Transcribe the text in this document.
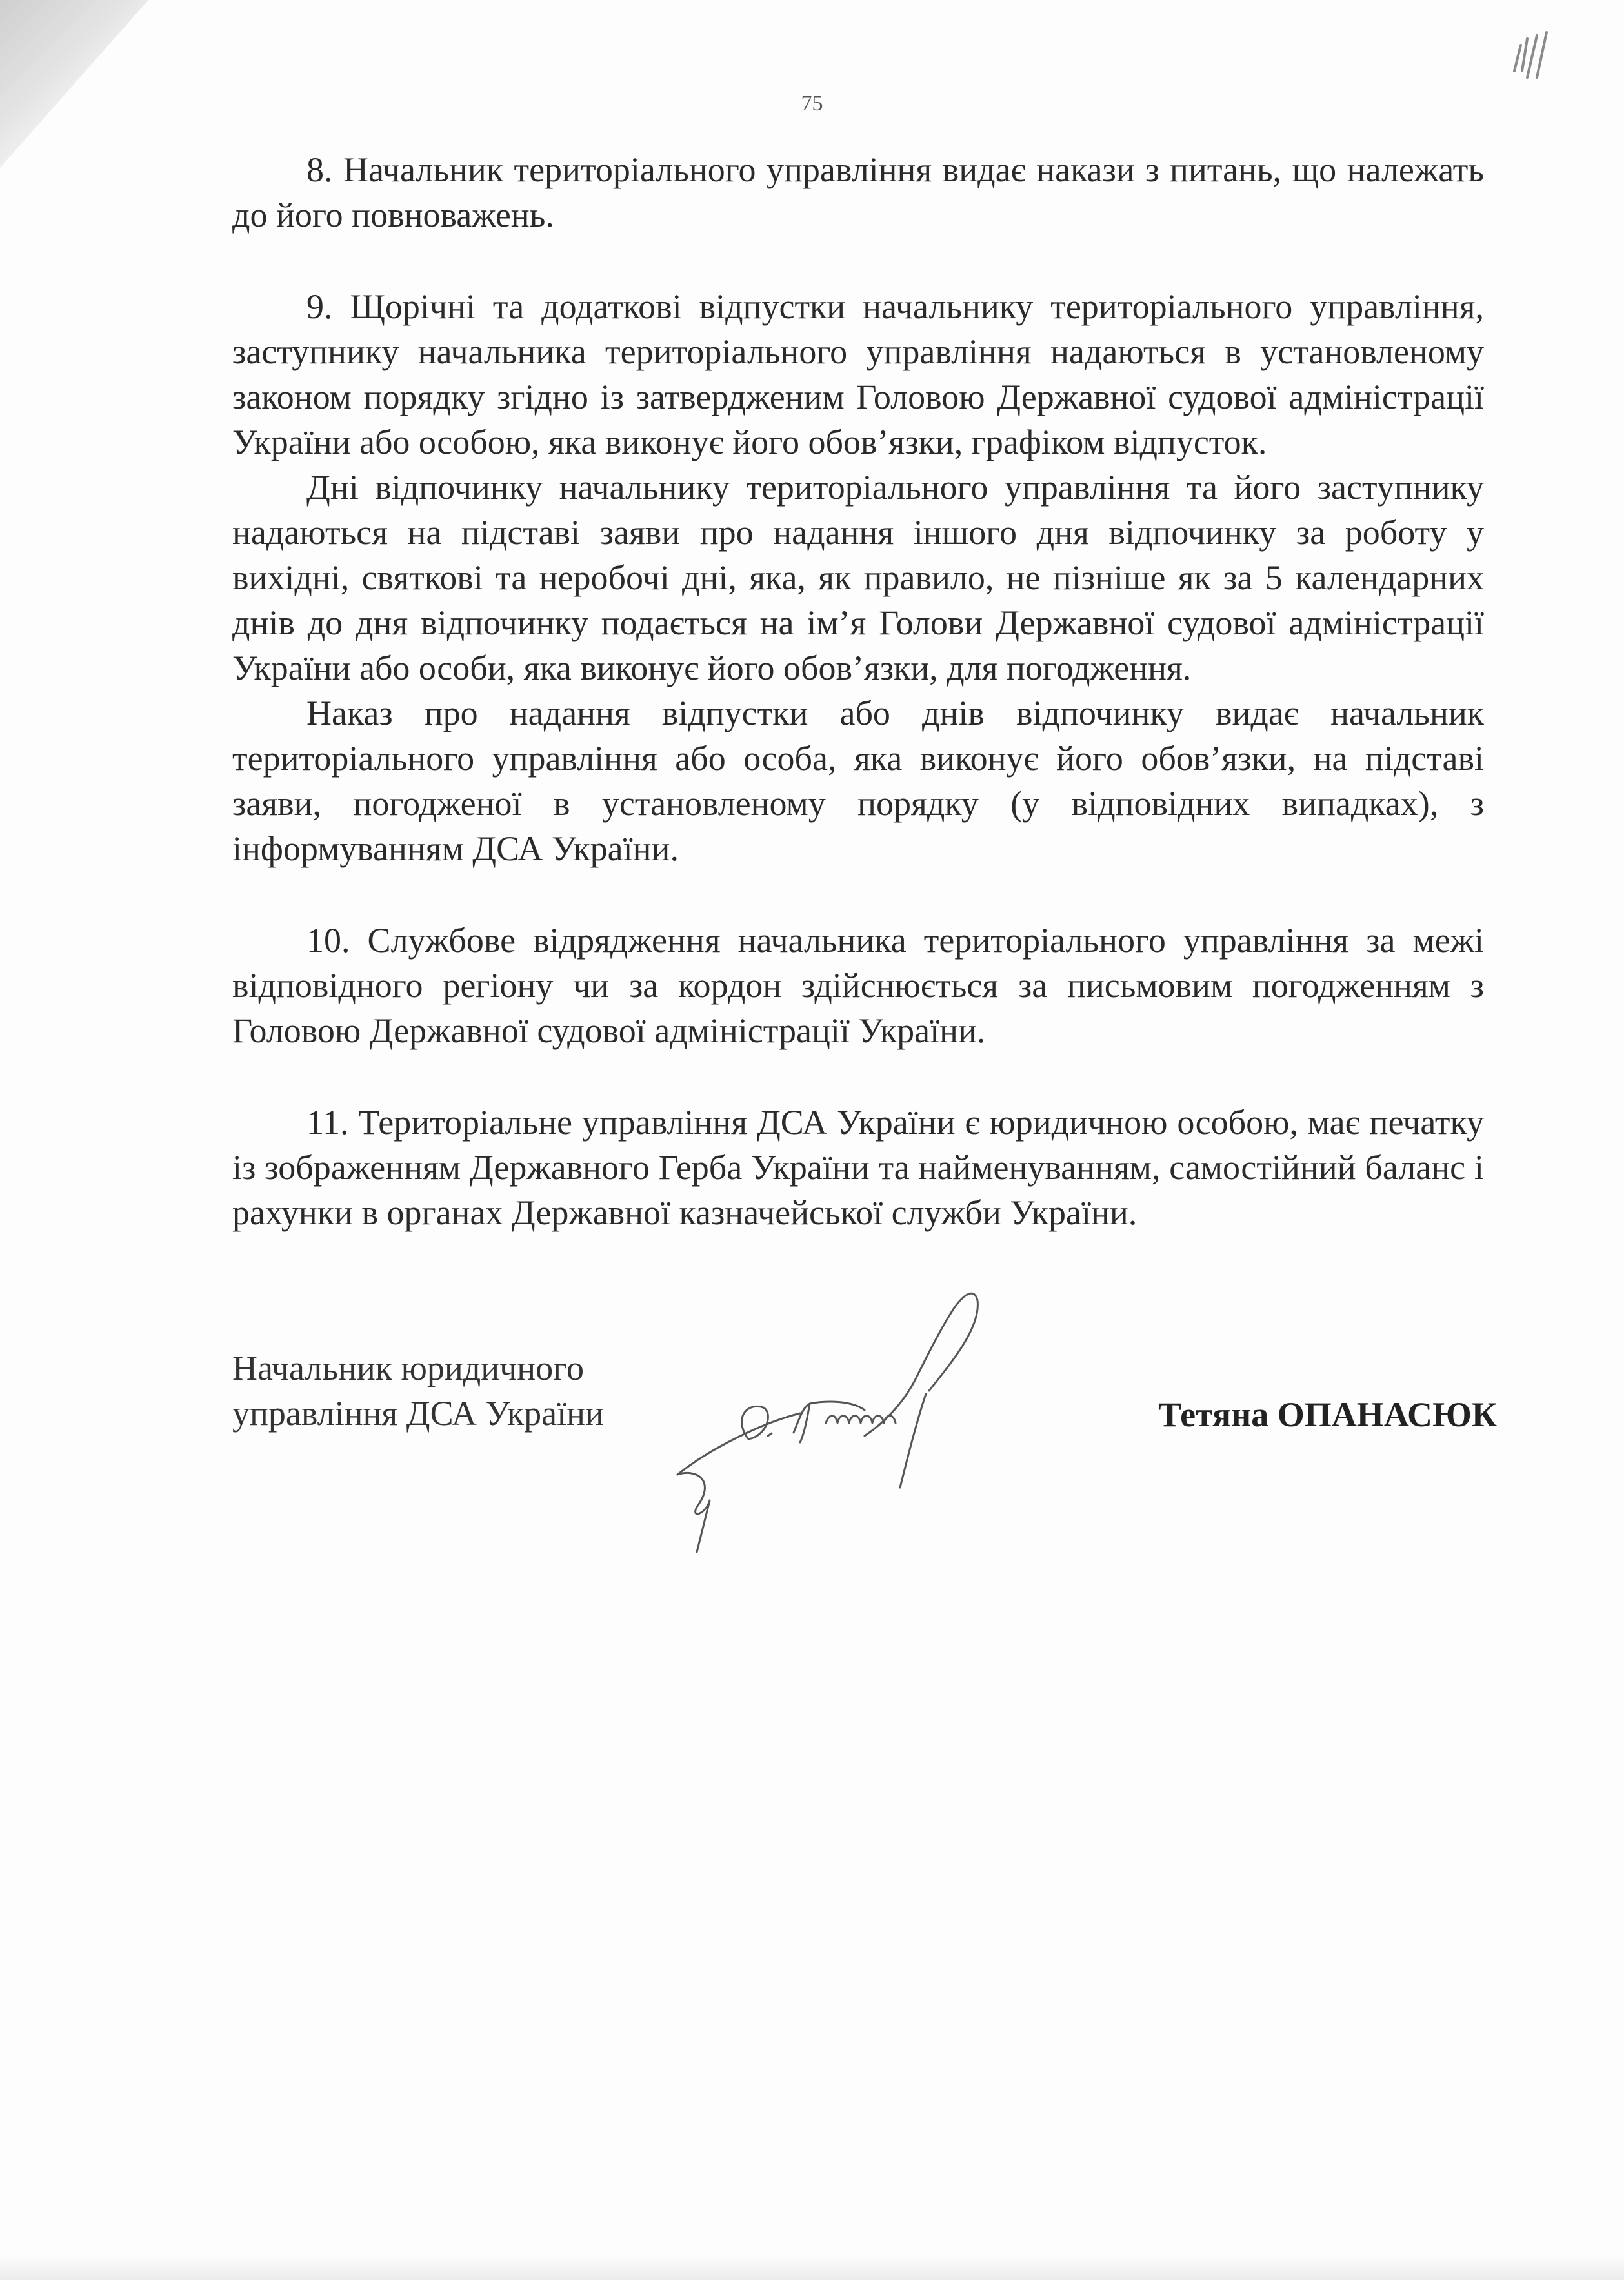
75

8. Начальник територіального управління видає накази з питань, що належать до його повноважень.

9. Щорічні та додаткові відпустки начальнику територіального управління, заступнику начальника територіального управління надаються в установленому законом порядку згідно із затвердженим Головою Державної судової адміністрації України або особою, яка виконує його обов’язки, графіком відпусток.

Дні відпочинку начальнику територіального управління та його заступнику надаються на підставі заяви про надання іншого дня відпочинку за роботу у вихідні, святкові та неробочі дні, яка, як правило, не пізніше як за 5 календарних днів до дня відпочинку подається на ім’я Голови Державної судової адміністрації України або особи, яка виконує його обов’язки, для погодження.

Наказ про надання відпустки або днів відпочинку видає начальник територіального управління або особа, яка виконує його обов’язки, на підставі заяви, погодженої в установленому порядку (у відповідних випадках), з інформуванням ДСА України.

10. Службове відрядження начальника територіального управління за межі відповідного регіону чи за кордон здійснюється за письмовим погодженням з Головою Державної судової адміністрації України.

11. Територіальне управління ДСА України є юридичною особою, має печатку із зображенням Державного Герба України та найменуванням, самостійний баланс і рахунки в органах Державної казначейської служби України.

Начальник юридичного
управління ДСА України	Тетяна ОПАНАСЮК
